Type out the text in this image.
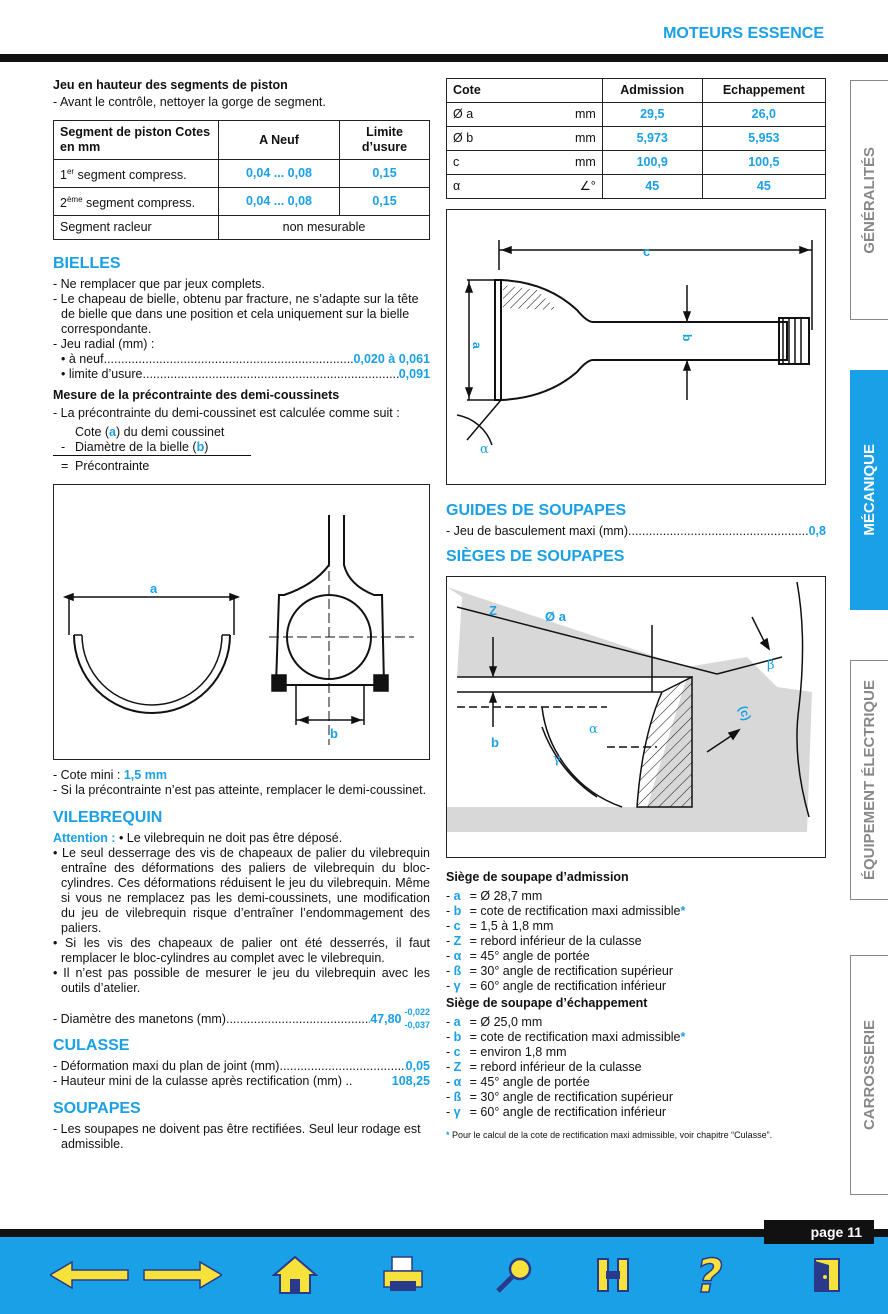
MOTEURS ESSENCE
Jeu en hauteur des segments de piston
- Avant le contrôle, nettoyer la gorge de segment.
Segment de piston Cotes en mm	A Neuf	Limite d’usure
1er segment compress.	0,04 ... 0,08	0,15
2ème segment compress.	0,04 ... 0,08	0,15
Segment racleur	non mesurable	
BIELLES
- Ne remplacer que par jeux complets.
- Le chapeau de bielle, obtenu par fracture, ne s’adapte sur la tête de bielle que dans une position et cela uniquement sur la bielle correspondante.
- Jeu radial (mm) :
• à neuf .....	0,020 à 0,061
• limite d’usure .....	0,091
Mesure de la précontrainte des demi-coussinets
- La précontrainte du demi-coussinet est calculée comme suit :
Cote (a) du demi coussinet
- Diamètre de la bielle ( b )
= Précontrainte
a
b
- Cote mini : 1,5 mm
- Si la précontrainte n’est pas atteinte, remplacer le demi-coussinet.
VILEBREQUIN
Attention : • Le vilebrequin ne doit pas être déposé.
• Le seul desserrage des vis de chapeaux de palier du vilebrequin entraîne des déformations des paliers de vilebrequin du bloc-cylindres. Ces déformations réduisent le jeu du vilebrequin. Même si vous ne remplacez pas les demi-coussinets, une modification du jeu de vilebrequin risque d’entraîner l’endommagement des paliers.
• Si les vis des chapeaux de palier ont été desserrés, il faut remplacer le bloc-cylindres au complet avec le vilebrequin.
• Il n’est pas possible de mesurer le jeu du vilebrequin avec les outils d’atelier.
- Diamètre des manetons (mm) .....	47,80 -0,022
-0,037
CULASSE
- Déformation maxi du plan de joint (mm) .....	0,05
- Hauteur mini de la culasse après rectification (mm) ..	108,25
SOUPAPES
- Les soupapes ne doivent pas être rectifiées. Seul leur rodage est admissible.
Cote		Admission	Echappement
Ø a	mm	29,5	26,0
Ø b	mm	5,973	5,953
c	mm	100,9	100,5
α	∠°	45	45
c
a
b
α
GUIDES DE SOUPAPES
- Jeu de basculement maxi (mm) .....	0,8
SIÈGES DE SOUPAPES
Z	Ø a
b
α
γ
β
(c)
Siège de soupape d’admission
- a = Ø 28,7 mm
- b = cote de rectification maxi admissible*
- c = 1,5 à 1,8 mm
- Z = rebord inférieur de la culasse
- α = 45° angle de portée
- ß = 30° angle de rectification supérieur
- γ = 60° angle de rectification inférieur
Siège de soupape d’échappement
- a = Ø 25,0 mm
- b = cote de rectification maxi admissible*
- c = environ 1,8 mm
- Z = rebord inférieur de la culasse
- α = 45° angle de portée
- ß = 30° angle de rectification supérieur
- γ = 60° angle de rectification inférieur
* Pour le calcul de la cote de rectification maxi admissible, voir chapitre “Culasse”.
GÉNÉRALITÉS
MÉCANIQUE
ÉQUIPEMENT ÉLECTRIQUE
CARROSSERIE
page 11
?
